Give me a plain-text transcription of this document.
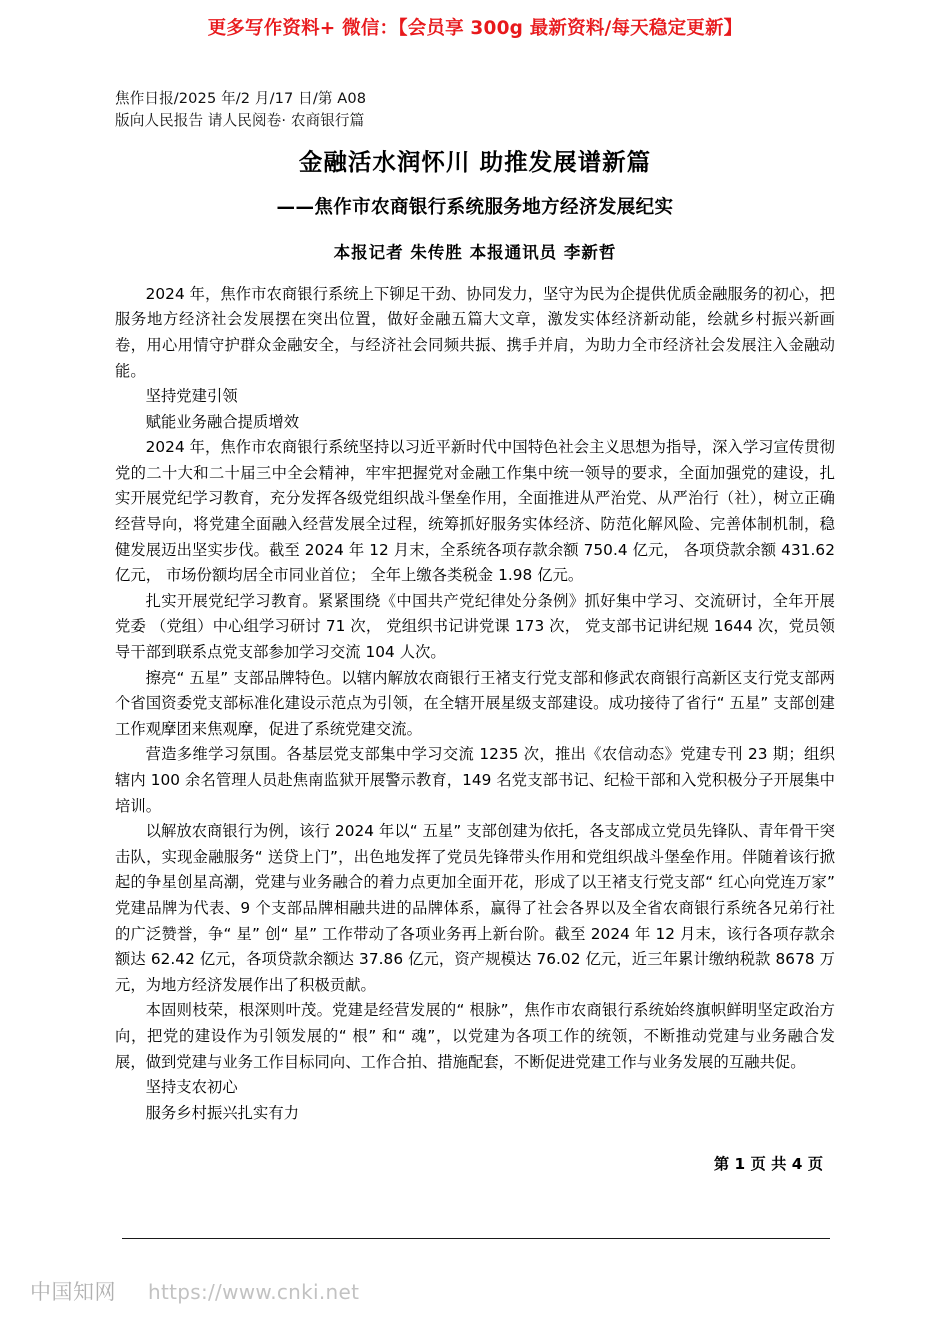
更多写作资料+ 微信：【会员享 300g 最新资料/每天稳定更新】
焦作日报/2025 年/2 月/17 日/第 A08
版向人民报告 请人民阅卷· 农商银行篇
金融活水润怀川 助推发展谱新篇
——焦作市农商银行系统服务地方经济发展纪实
本报记者 朱传胜 本报通讯员 李新哲

2024 年，焦作市农商银行系统上下铆足干劲、协同发力，坚守为民为企提供优质金融服务的初心，把服务地方经济社会发展摆在突出位置，做好金融五篇大文章，激发实体经济新动能，绘就乡村振兴新画卷，用心用情守护群众金融安全，与经济社会同频共振、携手并肩，为助力全市经济社会发展注入金融动能。

坚持党建引领

赋能业务融合提质增效

2024 年，焦作市农商银行系统坚持以习近平新时代中国特色社会主义思想为指导，深入学习宣传贯彻党的二十大和二十届三中全会精神，牢牢把握党对金融工作集中统一领导的要求，全面加强党的建设，扎实开展党纪学习教育，充分发挥各级党组织战斗堡垒作用，全面推进从严治党、从严治行（社），树立正确经营导向，将党建全面融入经营发展全过程，统筹抓好服务实体经济、防范化解风险、完善体制机制，稳健发展迈出坚实步伐。截至 2024 年 12 月末，全系统各项存款余额 750.4 亿元， 各项贷款余额 431.62 亿元， 市场份额均居全市同业首位； 全年上缴各类税金 1.98 亿元。

扎实开展党纪学习教育。紧紧围绕《中国共产党纪律处分条例》抓好集中学习、交流研讨，全年开展党委 （党组）中心组学习研讨 71 次， 党组织书记讲党课 173 次， 党支部书记讲纪规 1644 次，党员领导干部到联系点党支部参加学习交流 104 人次。

擦亮“ 五星” 支部品牌特色。以辖内解放农商银行王褚支行党支部和修武农商银行高新区支行党支部两个省国资委党支部标准化建设示范点为引领，在全辖开展星级支部建设。成功接待了省行“ 五星” 支部创建工作观摩团来焦观摩，促进了系统党建交流。

营造多维学习氛围。各基层党支部集中学习交流 1235 次，推出《农信动态》党建专刊 23 期；组织辖内 100 余名管理人员赴焦南监狱开展警示教育，149 名党支部书记、纪检干部和入党积极分子开展集中培训。

以解放农商银行为例，该行 2024 年以“ 五星” 支部创建为依托，各支部成立党员先锋队、青年骨干突击队，实现金融服务“ 送贷上门”，出色地发挥了党员先锋带头作用和党组织战斗堡垒作用。伴随着该行掀起的争星创星高潮，党建与业务融合的着力点更加全面开花，形成了以王褚支行党支部“ 红心向党连万家” 党建品牌为代表、9 个支部品牌相融共进的品牌体系，赢得了社会各界以及全省农商银行系统各兄弟行社的广泛赞誉，争“ 星” 创“ 星” 工作带动了各项业务再上新台阶。截至 2024 年 12 月末，该行各项存款余额达 62.42 亿元，各项贷款余额达 37.86 亿元，资产规模达 76.02 亿元，近三年累计缴纳税款 8678 万元，为地方经济发展作出了积极贡献。

本固则枝荣，根深则叶茂。党建是经营发展的“ 根脉”，焦作市农商银行系统始终旗帜鲜明坚定政治方向，把党的建设作为引领发展的“ 根” 和“ 魂”，以党建为各项工作的统领，不断推动党建与业务融合发展，做到党建与业务工作目标同向、工作合拍、措施配套，不断促进党建工作与业务发展的互融共促。

坚持支农初心

服务乡村振兴扎实有力

第 1 页 共 4 页
中国知网 https://www.cnki.net
